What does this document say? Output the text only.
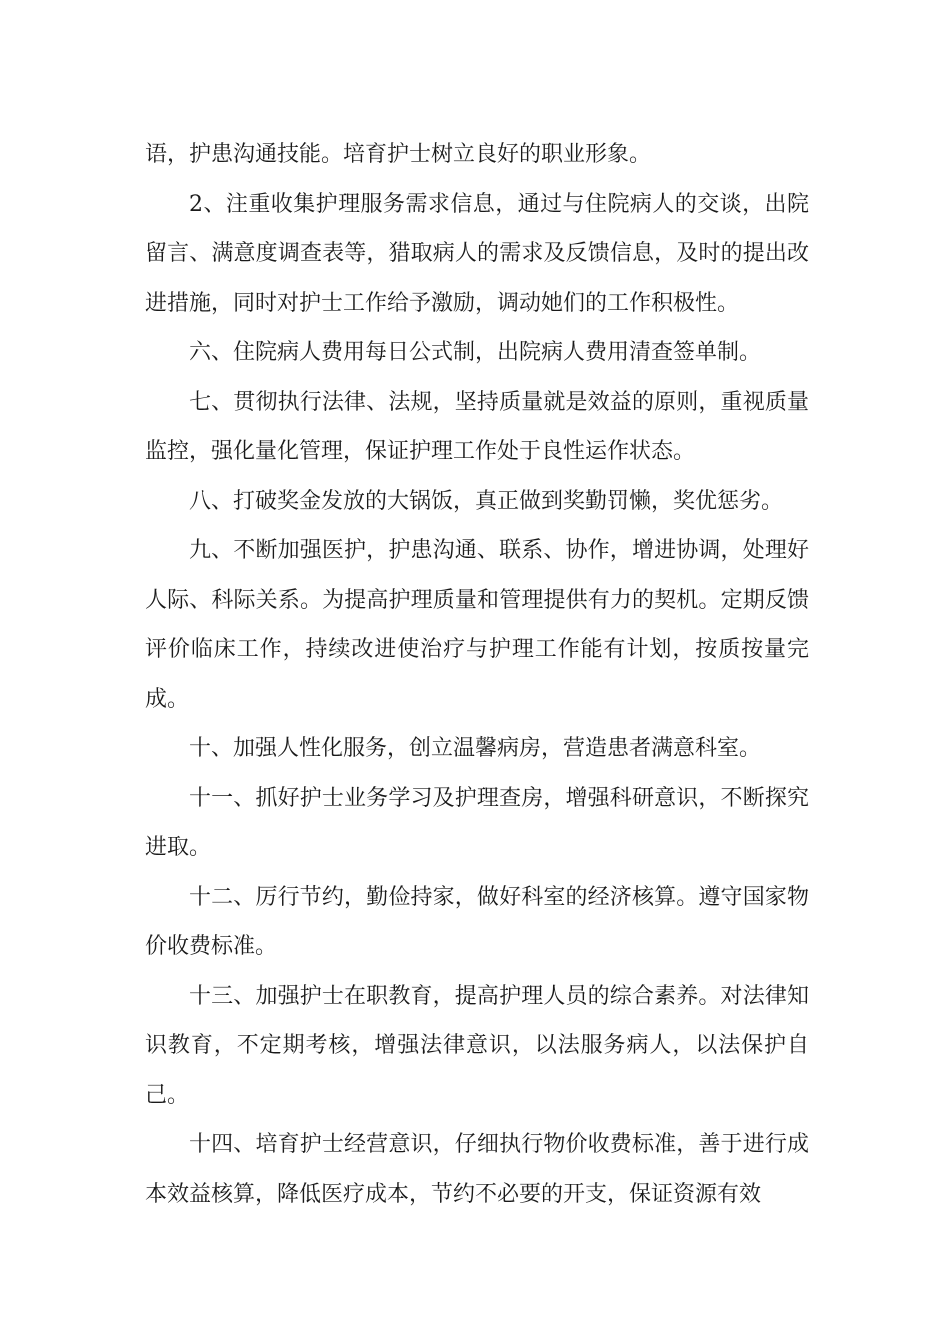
语，护患沟通技能。培育护士树立良好的职业形象。

2、注重收集护理服务需求信息，通过与住院病人的交谈，出院留言、满意度调查表等，猎取病人的需求及反馈信息，及时的提出改进措施，同时对护士工作给予激励，调动她们的工作积极性。

六、住院病人费用每日公式制，出院病人费用清查签单制。

七、贯彻执行法律、法规，坚持质量就是效益的原则，重视质量监控，强化量化管理，保证护理工作处于良性运作状态。

八、打破奖金发放的大锅饭，真正做到奖勤罚懒，奖优惩劣。

九、不断加强医护，护患沟通、联系、协作，增进协调，处理好人际、科际关系。为提高护理质量和管理提供有力的契机。定期反馈评价临床工作，持续改进使治疗与护理工作能有计划，按质按量完成。

十、加强人性化服务，创立温馨病房，营造患者满意科室。

十一、抓好护士业务学习及护理查房，增强科研意识，不断探究进取。

十二、厉行节约，勤俭持家，做好科室的经济核算。遵守国家物价收费标准。

十三、加强护士在职教育，提高护理人员的综合素养。对法律知识教育，不定期考核，增强法律意识，以法服务病人，以法保护自己。

十四、培育护士经营意识，仔细执行物价收费标准，善于进行成本效益核算，降低医疗成本，节约不必要的开支，保证资源有效
